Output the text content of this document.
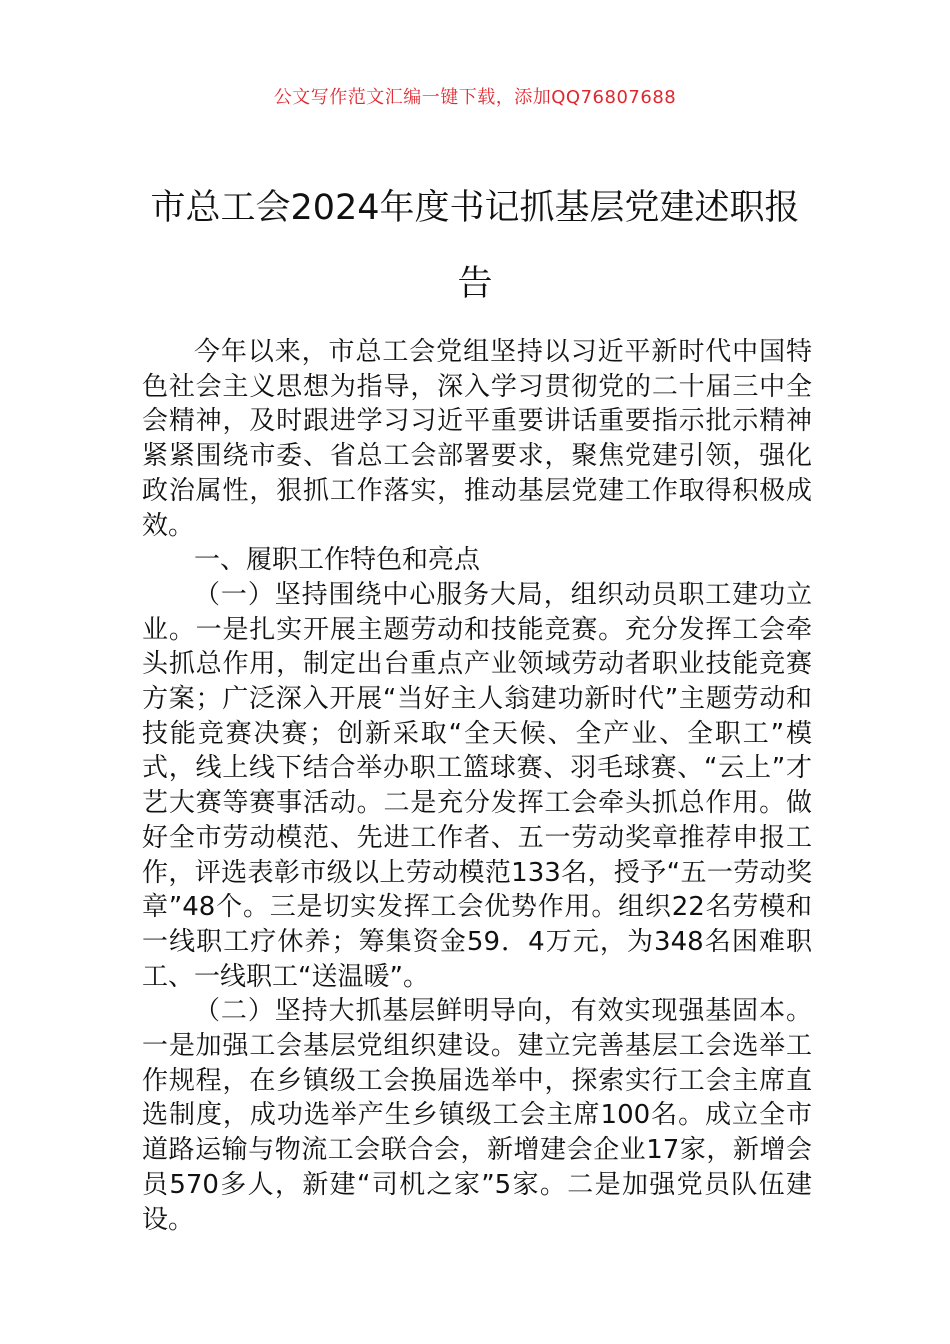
公文写作范文汇编一键下载，添加QQ76807688
市总工会2024年度书记抓基层党建述职报告

今年以来，市总工会党组坚持以习近平新时代中国特色社会主义思想为指导，深入学习贯彻党的二十届三中全会精神，及时跟进学习习近平重要讲话重要指示批示精神紧紧围绕市委、省总工会部署要求，聚焦党建引领，强化政治属性，狠抓工作落实，推动基层党建工作取得积极成效。

一、履职工作特色和亮点

（一）坚持围绕中心服务大局，组织动员职工建功立业。一是扎实开展主题劳动和技能竞赛。充分发挥工会牵头抓总作用，制定出台重点产业领域劳动者职业技能竞赛方案；广泛深入开展“当好主人翁建功新时代”主题劳动和技能竞赛决赛；创新采取“全天候、全产业、全职工”模式，线上线下结合举办职工篮球赛、羽毛球赛、“云上”才艺大赛等赛事活动。二是充分发挥工会牵头抓总作用。做好全市劳动模范、先进工作者、五一劳动奖章推荐申报工作，评选表彰市级以上劳动模范133名，授予“五一劳动奖章”48个。三是切实发挥工会优势作用。组织22名劳模和一线职工疗休养；筹集资金59．4万元，为348名困难职工、一线职工“送温暖”。

（二）坚持大抓基层鲜明导向，有效实现强基固本。一是加强工会基层党组织建设。建立完善基层工会选举工作规程，在乡镇级工会换届选举中，探索实行工会主席直选制度，成功选举产生乡镇级工会主席100名。成立全市道路运输与物流工会联合会，新增建会企业17家，新增会员570多人，新建“司机之家”5家。二是加强党员队伍建设。
